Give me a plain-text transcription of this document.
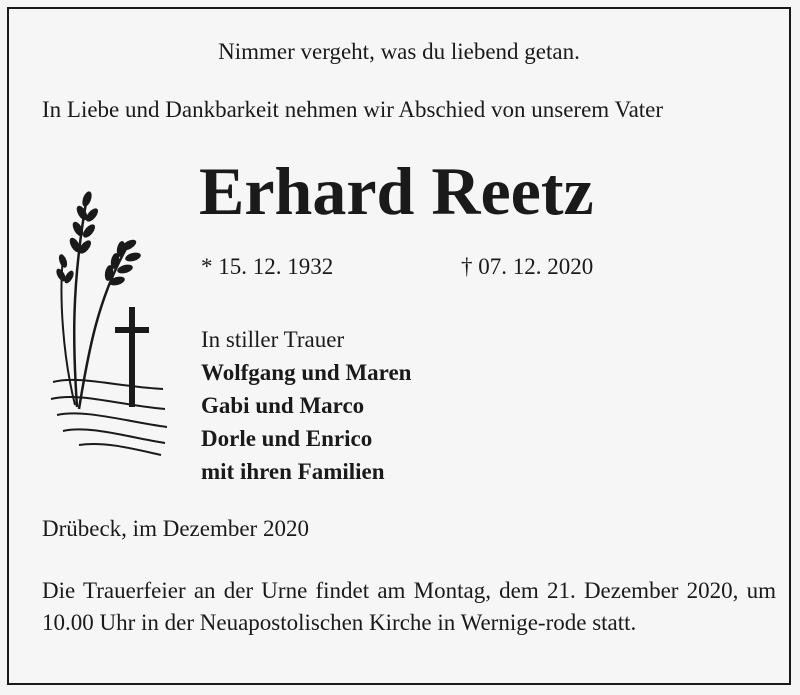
Nimmer vergeht, was du liebend getan.
In Liebe und Dankbarkeit nehmen wir Abschied von unserem Vater
Erhard Reetz
* 15. 12. 1932	† 07. 12. 2020
In stiller Trauer
Wolfgang und Maren
Gabi und Marco
Dorle und Enrico
mit ihren Familien
Drübeck, im Dezember 2020
Die Trauerfeier an der Urne findet am Montag, dem 21. Dezember 2020, um 10.00 Uhr in der Neuapostolischen Kirche in Wernige-rode statt.
